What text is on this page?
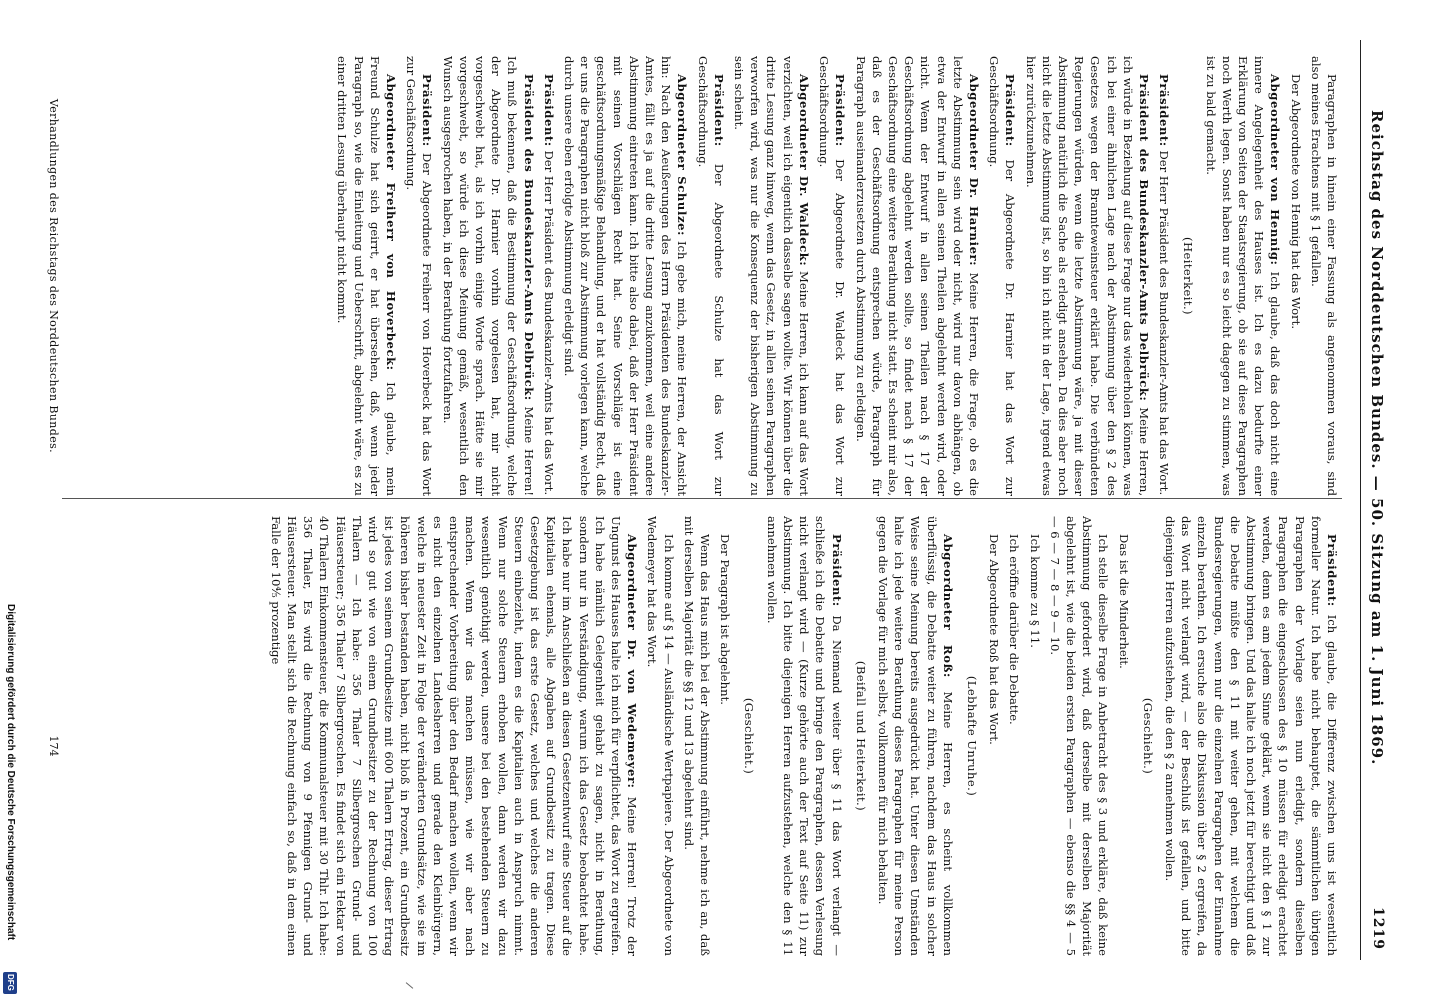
Reichstag des Norddeutschen Bundes. — 50. Sitzung am 1. Juni 1869.
1219

Paragraphen in hinein einer Fassung als angenommen voraus, sind also meines Erachtens mit § 1 gefallen.

Der Abgeordnete von Hennig hat das Wort.

Abgeordneter von Hennig: Ich glaube, daß das doch nicht eine innere Angelegenheit des Hauses ist. Ich es dazu bedurfte einer Erklärung von Seiten der Staatsregierung, ob sie auf diese Paragraphen noch Werth legen. Sonst haben nur es so leicht dagegen zu stimmen, was ist zu bald gemacht.

(Heiterkeit.)

Präsident: Der Herr Präsident des Bundeskanzler-Amts hat das Wort.

Präsident des Bundeskanzler-Amts Delbrück: Meine Herren, ich würde in Beziehung auf diese Frage nur das wiederholen können, was ich bei einer ähnlichen Lage nach der Abstimmung über den § 2 des Gesetzes wegen der Brannteweinsteuer erklärt habe. Die verbündeten Regierungen würden, wenn die letzte Abstimmung wäre, ja mit dieser Abstimmung natürlich die Sache als erledigt ansehen. Da dies aber noch nicht die letzte Abstimmung ist, so bin ich nicht in der Lage, irgend etwas hier zurückzunehmen.

Präsident: Der Abgeordnete Dr. Harnier hat das Wort zur Geschäftsordnung.

Abgeordneter Dr. Harnier: Meine Herren, die Frage, ob es die letzte Abstimmung sein wird oder nicht, wird nur davon abhängen, ob etwa der Entwurf in allen seinen Theilen abgelehnt werden wird, oder nicht. Wenn der Entwurf in allen seinen Theilen nach § 17 der Geschäftsordnung abgelehnt werden sollte, so findet nach § 17 der Geschäftsordnung eine weitere Berathung nicht statt. Es scheint mir also, daß es der Geschäftsordnung entsprechen würde, Paragraph für Paragraph auseinanderzusetzen durch Abstimmung zu erledigen.

Präsident: Der Abgeordnete Dr. Waldeck hat das Wort zur Geschäftsordnung.

Abgeordneter Dr. Waldeck: Meine Herren, ich kann auf das Wort verzichten, weil ich eigentlich dasselbe sagen wollte. Wir können über die dritte Lesung ganz hinweg, wenn das Gesetz, in allen seinen Paragraphen verworfen wird, was nur die Konsequenz der bisherigen Abstimmung zu sein scheint.

Präsident: Der Abgeordnete Schulze hat das Wort zur Geschäftsordnung.

Abgeordneter Schulze: Ich gebe mich, meine Herren, der Ansicht hin: Nach den Aeußerungen des Herrn Präsidenten des Bundeskanzler-Amtes, fällt es ja auf die dritte Lesung anzukommen, weil eine andere Abstimmung eintreten kann. Ich bitte also dabei, daß der Herr Präsident mit seinen Vorschlägen Recht hat. Seine Vorschläge ist eine geschäftsordnungsmäßige Behandlung, und er hat vollständig Recht, daß er uns die Paragraphen nicht bloß zur Abstimmung vorlegen kann, welche durch unsere eben erfolgte Abstimmung erledigt sind.

Präsident: Der Herr Präsident des Bundeskanzler-Amts hat das Wort.

Präsident des Bundeskanzler-Amts Delbrück: Meine Herren! Ich muß bekennen, daß die Bestimmung der Geschäftsordnung, welche der Abgeordnete Dr. Harnier vorhin vorgelesen hat, mir nicht vorgeschwebt hat, als ich vorhin einige Worte sprach. Hätte sie mir vorgeschwebt, so würde ich diese Meinung gemäß, wesentlich den Wunsch ausgesprochen haben, in der Berathung fortzufahren.

Präsident: Der Abgeordnete Freiherr von Hoverbeck hat das Wort zur Geschäftsordnung.

Abgeordneter Freiherr von Hoverbeck: Ich glaube, mein Freund Schulze hat sich geirrt, er hat übersehen, daß, wenn jeder Paragraph so, wie die Einleitung und Ueberschrift, abgelehnt wäre, es zu einer dritten Lesung überhaupt nicht kommt.

Präsident: Ich glaube, die Differenz zwischen uns ist wesentlich formeller Natur. Ich habe nicht behauptet, die sämmtlichen übrigen Paragraphen der Vorlage seien nun erledigt, sondern dieselben Paragraphen die eingeschlossen des § 10 müssen für erledigt erachtet werden, denn es am jedem Sinne geklärt, wenn sie nicht den § 1 zur Abstimmung bringen. Und das halte ich noch jetzt für berechtigt und daß die Debatte müßte den § 11 mit weiter gehen, mit welchem die Bundesregierungen, wenn nur die einzelnen Paragraphen der Einnahme einzeln berathen. Ich ersuche also die Diskussion über § 2 ergreifen, da das Wort nicht verlangt wird, — der Beschluß ist gefallen, und bitte diejenigen Herren aufzustehen, die den § 2 annehmen wollen.

(Geschieht.)

Das ist die Minderheit.

Ich stelle dieselbe Frage in Anbetracht des § 3 und erkläre, daß keine Abstimmung gefordert wird, daß derselbe mit derselben Majorität abgelehnt ist, wie die beiden ersten Paragraphen — ebenso die §§ 4 — 5 — 6 — 7 — 8 — 9 — 10.

Ich komme zu § 11.

Ich eröffne darüber die Debatte.

Der Abgeordnete Roß hat das Wort.

(Lebhafte Unruhe.)

Abgeordneter Roß: Meine Herren, es scheint vollkommen überflüssig, die Debatte weiter zu führen, nachdem das Haus in solcher Weise seine Meinung bereits ausgedrückt hat. Unter diesen Umständen halte ich jede weitere Berathung dieses Paragraphen für meine Person gegen die Vorlage für mich selbst, vollkommen für mich behalten.

(Beifall und Heiterkeit.)

Präsident: Da Niemand weiter über § 11 das Wort verlangt — schließe ich die Debatte und bringe den Paragraphen, dessen Verlesung nicht verlangt wird — (Kurze gehörte auch der Text auf Seite 11) zur Abstimmung. Ich bitte diejenigen Herren aufzustehen, welche den § 11 annehmen wollen.

(Geschieht.)

Der Paragraph ist abgelehnt.

Wenn das Haus mich bei der Abstimmung einführt, nehme ich an, daß mit derselben Majorität die §§ 12 und 13 abgelehnt sind.

Ich komme auf § 14 — Ausländische Wertpapiere. Der Abgeordnete von Wedemeyer hat das Wort.

Abgeordneter Dr. von Wedemeyer: Meine Herren! Trotz der Ungunst des Hauses halte ich mich für verpflichtet, das Wort zu ergreifen. Ich habe nämlich Gelegenheit gehabt zu sagen, nicht in Berathung, sondern nur in Verständigung, warum ich das Gesetz beobachtet habe. Ich habe nur im Anschließen an diesen Gesetzentwurf eine Steuer auf die Kapitalien ehemals, alle Abgaben auf Grundbesitz zu tragen. Diese Gesetzgebung ist das erste Gesetz, welches und welches die anderen Steuern einbezieht, indem es die Kapitalien auch in Anspruch nimmt. Wenn nur solche Steuern erhoben wollen, dann werden wir dazu wesentlich genöthigt werden, unsere bei den bestehenden Steuern zu machen. Wenn wir das machen müssen, wie wir aber nach entsprechender Vorbereitung über den Bedarf machen wollen, wenn wir es nicht den einzelnen Landesherren und gerade den Kleinbürgern, welche in neuester Zeit in Folge der veränderten Grundsätze, wie sie im höheren bisher bestanden haben, nicht bloß in Prozent, ein Grundbesitz ist jedes von seinem Grundbesitze mit 600 Thalern Ertrag, dieser Ertrag wird so gut wie von einem Grundbesitzer zu der Rechnung von 100 Thalern — Ich habe: 356 Thaler 7 Silbergroschen Grund- und Häusersteuer; 356 Thaler 7 Silbergroschen. Es findet sich ein Hektar von 40 Thalern Einkommensteuer, die Kommunalsteuer mit 30 Thlr. Ich habe: 356 Thaler, Es wird die Rechnung von 9 Pfennigen Grund- und Häusersteuer. Man stellt sich die Rechnung einfach so, daß in dem einen Falle der 10⁴⁄₅ prozentige

Verhandlungen des Reichstags des Norddeutschen Bundes.
174
Digitalisierung gefördert durch die Deutsche Forschungsgemeinschaft
DFG
